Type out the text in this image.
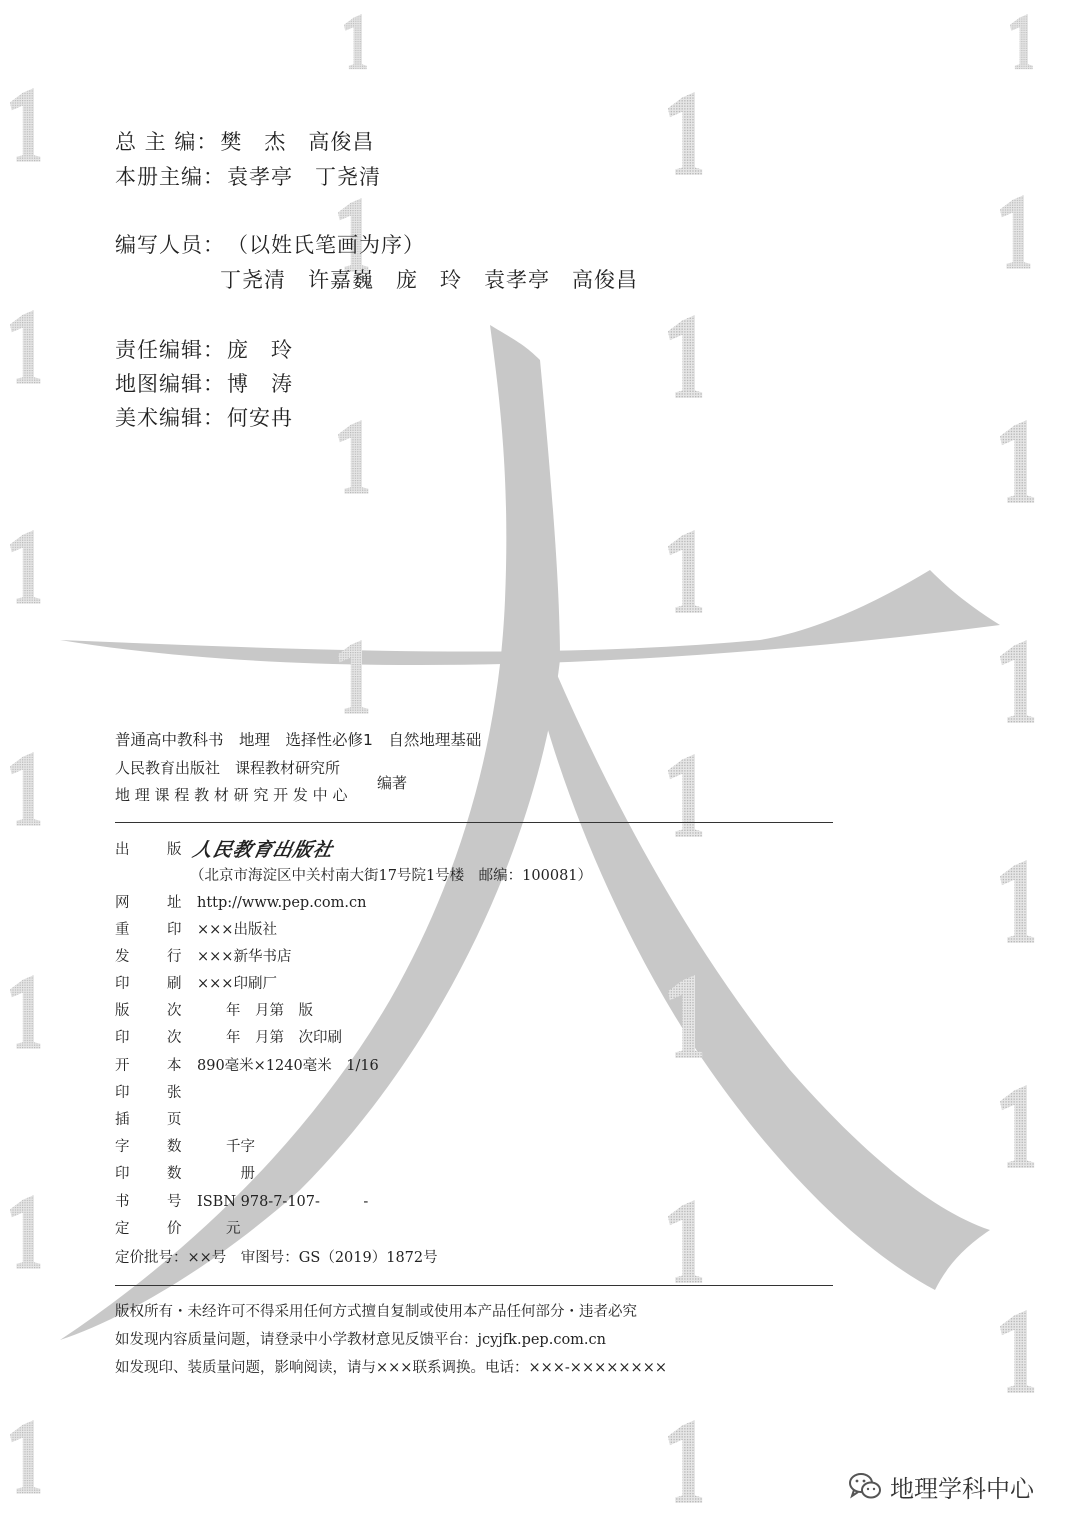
总 主 编：樊　杰　高俊昌
本册主编：袁孝亭　丁尧清
编写人员：（以姓氏笔画为序）
丁尧清　许嘉巍　庞　玲　袁孝亭　高俊昌
责任编辑：庞　玲
地图编辑：博　涛
美术编辑：何安冉
普通高中教科书　地理　选择性必修1　自然地理基础
人民教育出版社　课程教材研究所
地 理 课 程 教 材 研 究 开 发 中 心
编著
出	版 人民教育出版社
（北京市海淀区中关村南大街17号院1号楼　邮编：100081）
网	址 http://www.pep.com.cn
重	印 ×××出版社
发	行 ×××新华书店
印	刷 ×××印刷厂
版	次 　　年　月第　版
印	次 　　年　月第　次印刷
开	本 890毫米×1240毫米　1/16
印	张
插	页
字	数 　　千字
印	数 　　　册
书	号 ISBN 978-7-107-　　　-
定	价 　　元
定价批号：××号　审图号：GS（2019）1872号
版权所有・未经许可不得采用任何方式擅自复制或使用本产品任何部分・违者必究
如发现内容质量问题，请登录中小学教材意见反馈平台：jcyjfk.pep.com.cn
如发现印、装质量问题，影响阅读，请与×××联系调换。电话：×××-××××××××
地理学科中心
